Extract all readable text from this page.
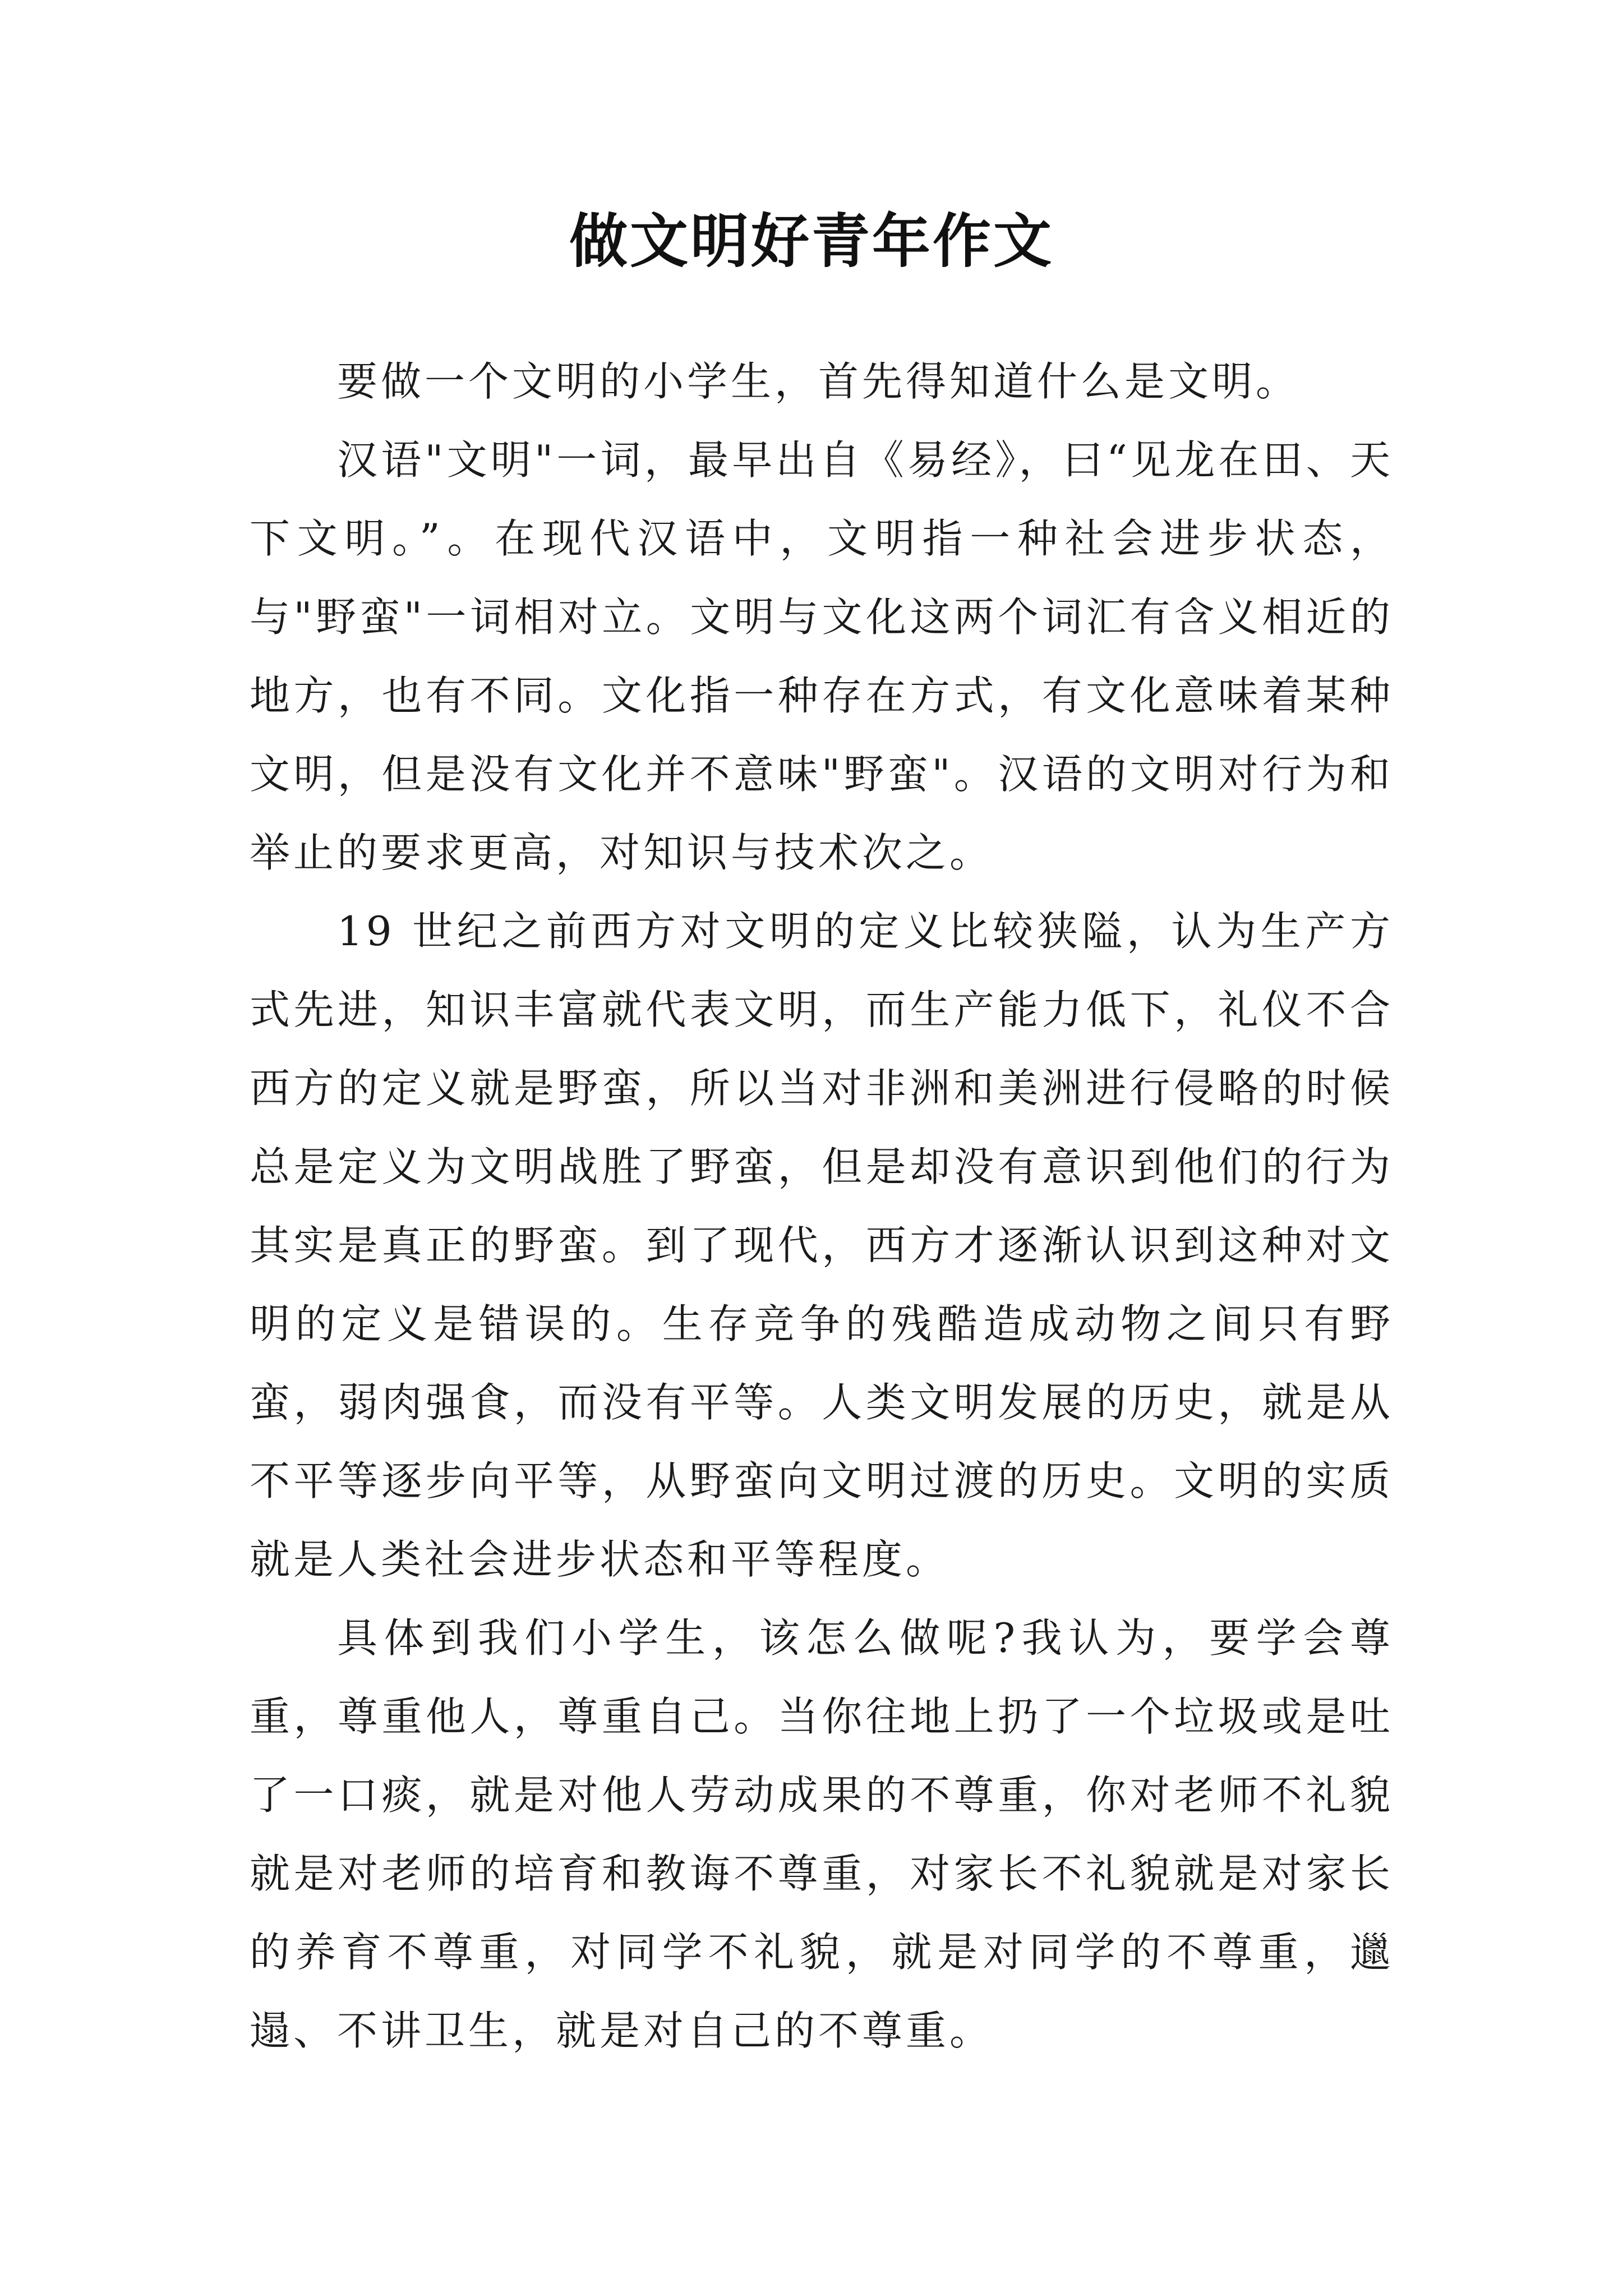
做文明好青年作文

要做一个文明的小学生，首先得知道什么是文明。

汉语"文明"一词，最早出自《易经》，曰“见龙在田、天下文明。”。在现代汉语中，文明指一种社会进步状态，与"野蛮"一词相对立。文明与文化这两个词汇有含义相近的地方，也有不同。文化指一种存在方式，有文化意味着某种文明，但是没有文化并不意味"野蛮"。汉语的文明对行为和举止的要求更高，对知识与技术次之。

19 世纪之前西方对文明的定义比较狭隘，认为生产方式先进，知识丰富就代表文明，而生产能力低下，礼仪不合西方的定义就是野蛮，所以当对非洲和美洲进行侵略的时候总是定义为文明战胜了野蛮，但是却没有意识到他们的行为其实是真正的野蛮。到了现代，西方才逐渐认识到这种对文明的定义是错误的。生存竞争的残酷造成动物之间只有野蛮，弱肉强食，而没有平等。人类文明发展的历史，就是从不平等逐步向平等，从野蛮向文明过渡的历史。文明的实质就是人类社会进步状态和平等程度。

具体到我们小学生，该怎么做呢?我认为，要学会尊重，尊重他人，尊重自己。当你往地上扔了一个垃圾或是吐了一口痰，就是对他人劳动成果的不尊重，你对老师不礼貌就是对老师的培育和教诲不尊重，对家长不礼貌就是对家长的养育不尊重，对同学不礼貌，就是对同学的不尊重，邋遢、不讲卫生，就是对自己的不尊重。
